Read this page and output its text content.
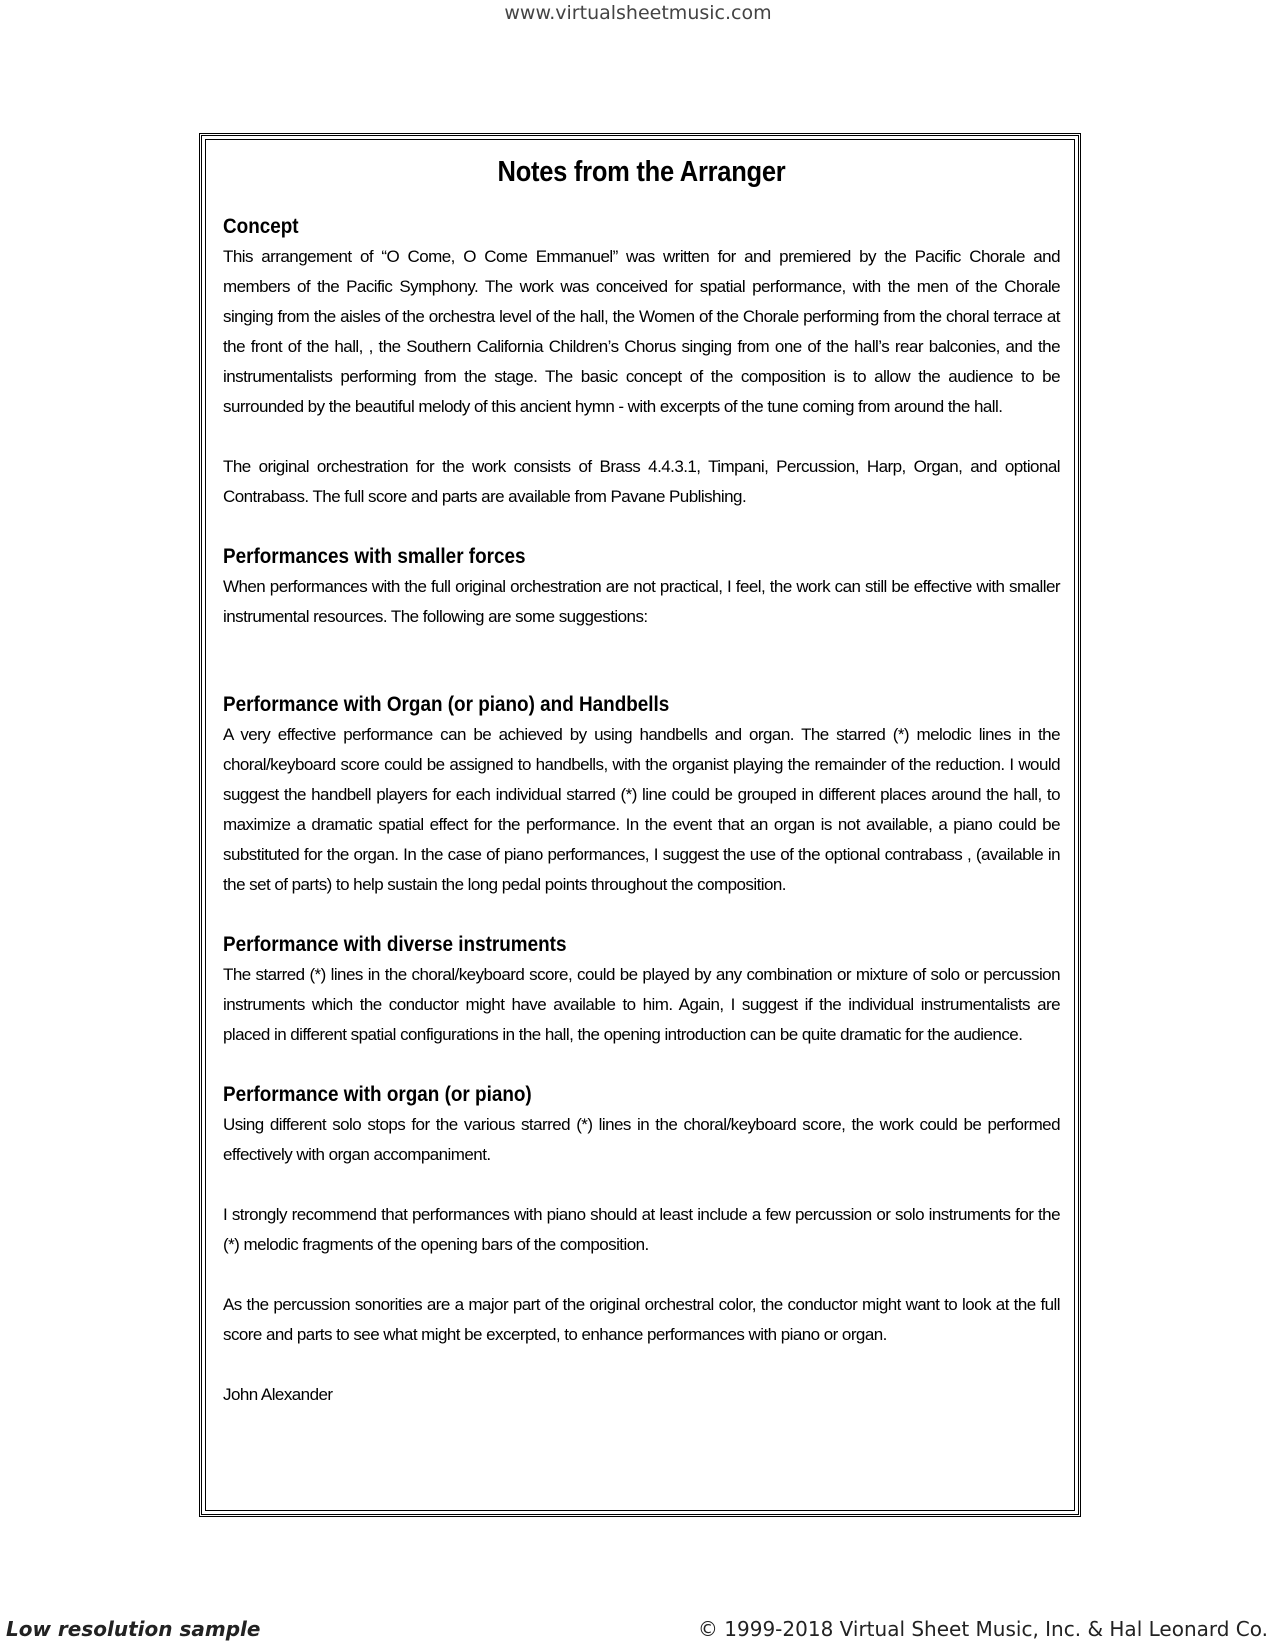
www.virtualsheetmusic.com
Notes from the Arranger
Concept

This arrangement of “O Come, O Come Emmanuel” was written for and premiered by the Pacific Chorale and members of the Pacific Symphony. The work was conceived for spatial performance, with the men of the Chorale singing from the aisles of the orchestra level of the hall, the Women of the Chorale performing from the choral terrace at the front of the hall, , the Southern California Children’s Chorus singing from one of the hall’s rear balconies, and the instrumentalists performing from the stage. The basic concept of the composition is to allow the audience to be surrounded by the beautiful melody of this ancient hymn - with excerpts of the tune coming from around the hall.

The original orchestration for the work consists of Brass 4.4.3.1, Timpani, Percussion, Harp, Organ, and optional Contrabass. The full score and parts are available from Pavane Publishing.

Performances with smaller forces

When performances with the full original orchestration are not practical, I feel, the work can still be effective with smaller instrumental resources. The following are some suggestions:

Performance with Organ (or piano) and Handbells

A very effective performance can be achieved by using handbells and organ. The starred (*) melodic lines in the choral/keyboard score could be assigned to handbells, with the organist playing the remainder of the reduction. I would suggest the handbell players for each individual starred (*) line could be grouped in different places around the hall, to maximize a dramatic spatial effect for the performance. In the event that an organ is not available, a piano could be substituted for the organ. In the case of piano performances, I suggest the use of the optional contrabass , (available in the set of parts) to help sustain the long pedal points throughout the composition.

Performance with diverse instruments

The starred (*) lines in the choral/keyboard score, could be played by any combination or mixture of solo or percussion instruments which the conductor might have available to him. Again, I suggest if the individual instrumentalists are placed in different spatial configurations in the hall, the opening introduction can be quite dramatic for the audience.

Performance with organ (or piano)

Using different solo stops for the various starred (*) lines in the choral/keyboard score, the work could be performed effectively with organ accompaniment.

I strongly recommend that performances with piano should at least include a few percussion or solo instruments for the (*) melodic fragments of the opening bars of the composition.

As the percussion sonorities are a major part of the original orchestral color, the conductor might want to look at the full score and parts to see what might be excerpted, to enhance performances with piano or organ.

John Alexander

Low resolution sample	© 1999-2018 Virtual Sheet Music, Inc. & Hal Leonard Co.
